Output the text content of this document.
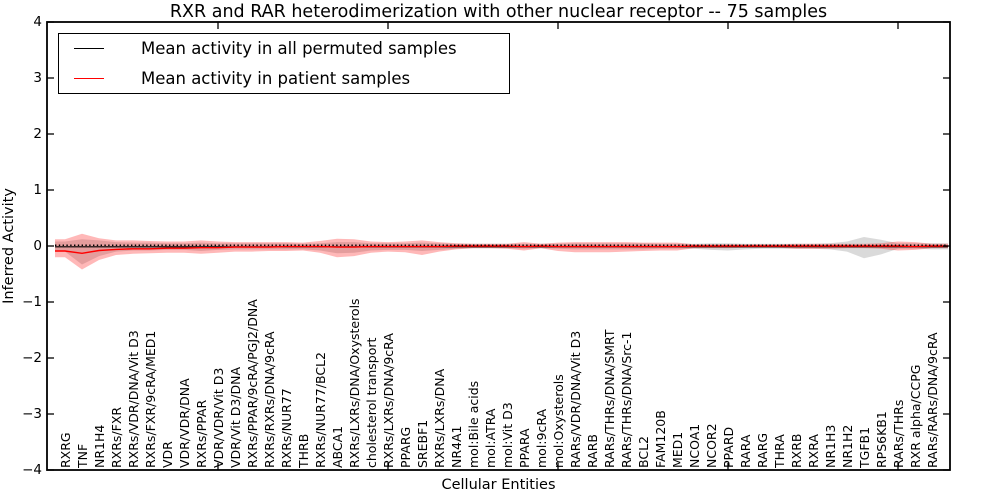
RXR and RAR heterodimerization with other nuclear receptor -- 75 samples
Inferred Activity
Cellular Entities
4
3
2
1
0
−1
−2
−3
−4
RXRG TNF NR1H4 RXRs/FXR RXRs/VDR/DNA/Vit D3 RXRs/FXR/9cRA/MED1 VDR VDR/VDR/DNA RXRs/PPAR VDR/VDR/Vit D3 VDR/Vit D3/DNA RXRs/PPAR/9cRA/PGJ2/DNA RXRs/RXRs/DNA/9cRA RXRs/NUR77 THRB RXRs/NUR77/BCL2 ABCA1 RXRs/LXRs/DNA/Oxysterols cholesterol transport RXRs/LXRs/DNA/9cRA PPARG SREBF1 RXRs/LXRs/DNA NR4A1 mol:Bile acids mol:ATRA mol:Vit D3 PPARA mol:9cRA mol:Oxysterols RARs/VDR/DNA/Vit D3 RARB RARs/THRs/DNA/SMRT RARs/THRs/DNA/Src-1 BCL2 FAM120B MED1 NCOA1 NCOR2 PPARD RARA RARG THRA RXRB RXRA NR1H3 NR1H2 TGFB1 RPS6KB1 RARs/THRs RXR alpha/CCPG RARs/RARs/DNA/9cRA
Mean activity in all permuted samples
Mean activity in patient samples
